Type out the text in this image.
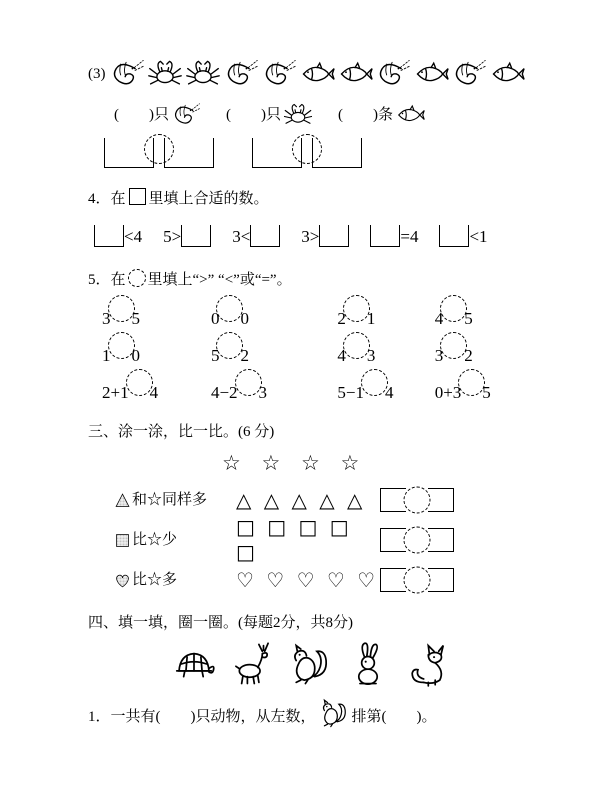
(3)
(　　)只	(　　)只	(　　)条
4．在 里填上合适的数。
<4 5>	3<	3>	=4	<1
5．在 里填上“>” “<”或“=”。
3 5	0 0	2 1	4 5
1 0	5 2	4 3	3 2
2+1 4	4−2 3	5−1 4	0+3 5
三、涂一涂，比一比。(6 分)
☆ ☆ ☆ ☆
和☆同样多 △ △ △ △ △
比☆少
□ □ □ □ □
比☆多	♡ ♡ ♡ ♡ ♡
四、填一填，圈一圈。(每题2分，共8分)
1．一共有(　　)只动物，从左数， 排第(　　)。
